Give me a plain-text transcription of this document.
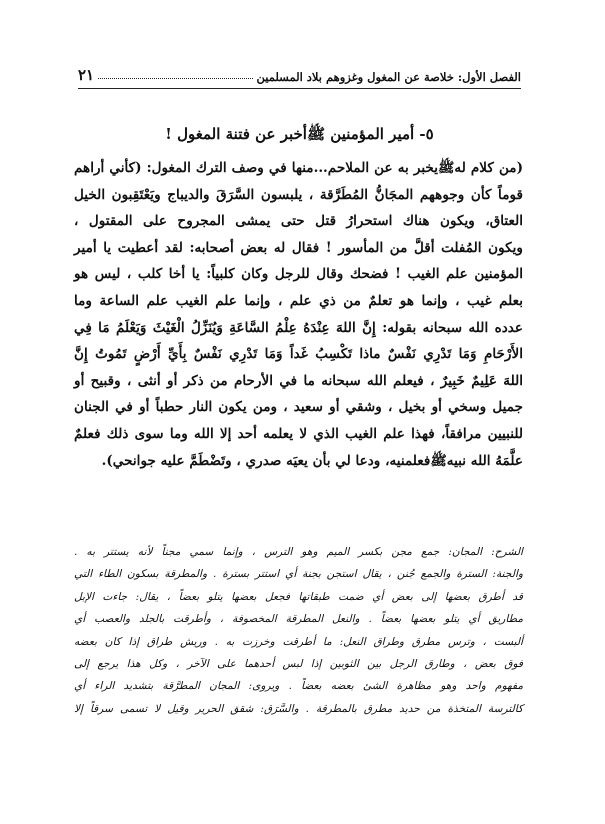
الفصل الأول: خلاصة عن المغول وغزوهم بلاد المسلمين
٢١
٥- أمير المؤمنين ﷺأخبر عن فتنة المغول !

(من كلام لهﷺيخبر به عن الملاحم...منها في وصف الترك المغول: (كأني أراهم

قوماً كأن وجوههم المجَانُّ المُطَرَّقة ، يلبسون السَّرَقَ والديباج ويَعْتَقِبون الخيل

العتاق، ويكون هناك استحرارُ قتل حتى يمشى المجروح على المقتول ،

ويكون المُفلت أقلَّ من المأسور ! فقال له بعض أصحابه: لقد أعطيت يا أمير

المؤمنين علم الغيب ! فضحك وقال للرجل وكان كلبياً: يا أخا كلب ، ليس هو

بعلم غيب ، وإنما هو تعلمٌ من ذي علم ، وإنما علم الغيب علم الساعة وما

عدده الله سبحانه بقوله: إِنَّ اللهَ عِنْدَهُ عِلْمُ السَّاعَةِ وَيُنَزِّلُ الْغَيْثَ وَيَعْلَمُ مَا فِي

الأَرْحَامِ وَمَا تَدْرِي نَفْسٌ ماذا تَكْسِبُ غَداً وَمَا تَدْرِي نَفْسٌ بِأَيِّ أَرْضٍ تَمُوتُ إِنَّ

اللهَ عَلِيمٌ خَبِيرٌ ، فيعلم الله سبحانه ما في الأرحام من ذكر أو أنثى ، وقبيح أو

جميل وسخي أو بخيل ، وشقي أو سعيد ، ومن يكون النار حطباً أو في الجنان

للنبيين مرافقاً، فهذا علم الغيب الذي لا يعلمه أحد إلا الله وما سوى ذلك فعلمٌ

علَّمَهُ الله نبيهﷺفعلمنيه، ودعا لي بأن يعيَه صدري ، وتَضْطَمَّ عليه جوانحي).

الشرح: المجان: جمع مجن بكسر الميم وهو الترس ، وإنما سمي مجناً لأنه يستتر به .

والجنة: السترة والجمع جُنن ، يقال استجن بجنة أي استتر بسترة . والمطرقة بسكون الطاء التي

قد أطرق بعضها إلى بعض أي ضمت طبقاتها فجعل بعضها يتلو بعضاً ، يقال: جاءت الإبل

مطاريق أي يتلو بعضها بعضاً . والنعل المطرقة المخصوفة ، وأطرقت بالجلد والعصب أي

ألبست ، وترس مطرق وطراق النعل: ما أطرقت وخرزت به . وريش طراق إذا كان بعضه

فوق بعض ، وطارق الرجل بين الثوبين إذا لبس أحدهما على الآخر ، وكل هذا يرجع إلى

مفهوم واحد وهو مظاهرة الشئ بعضه بعضاً . ويروى: المجان المطرَّقة بتشديد الراء أي

كالترسة المتخذة من حديد مطرق بالمطرقة . والسَّرَق: شقق الحرير وقيل لا تسمى سرقاً إلا
